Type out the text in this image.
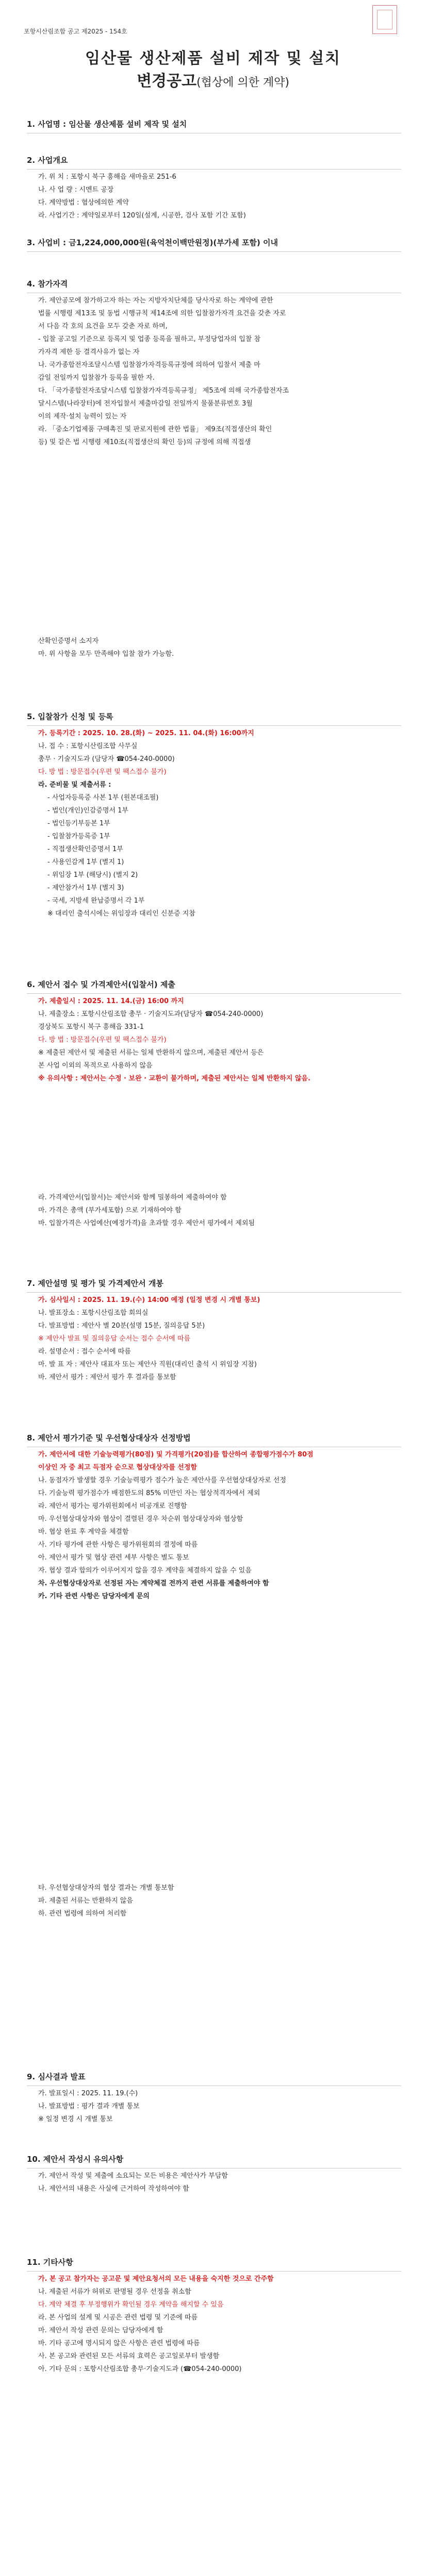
포항시산림조합 공고 제2025 - 154호
임산물 생산제품 설비 제작 및 설치
변경공고(협상에 의한 계약)
1. 사업명 : 임산물 생산제품 설비 제작 및 설치
2. 사업개요
가. 위 치 : 포항시 북구 흥해읍 새마을로 251-6
나. 사 업 량 : 시멘트 공장
다. 계약방법 : 협상에의한 계약
라. 사업기간 : 계약일로부터 120일(설계, 시공한, 검사 포함 기간 포함)
3. 사업비 : 금1,224,000,000원(육억천이백만원정)(부가세 포함) 이내
4. 참가자격
가. 제안공모에 참가하고자 하는 자는 지방자치단체를 당사자로 하는 계약에 관한
법률 시행령 제13조 및 동법 시행규칙 제14조에 의한 입찰참가자격 요건을 갖춘 자로
서 다음 각 호의 요건을 모두 갖춘 자로 하며,
- 입찰 공고일 기준으로 등록지 및 업종 등록을 필하고, 부정당업자의 입찰 참
가자격 제한 등 결격사유가 없는 자
나. 국가종합전자조달시스템 입찰참가자격등록규정에 의하여 입찰서 제출 마
감일 전일까지 입찰참가 등록을 필한 자.
다. 「국가종합전자조달시스템 입찰참가자격등록규정」 제5조에 의해 국가종합전자조
달시스템(나라장터)에 전자입찰서 제출마감일 전일까지 물품분류번호 3월
이의 제작·설치 능력이 있는 자
라. 「중소기업제품 구매촉진 및 판로지원에 관한 법률」 제9조(직접생산의 확인
등) 및 같은 법 시행령 제10조(직접생산의 확인 등)의 규정에 의해 직접생
산확인증명서 소지자
마. 위 사항을 모두 만족해야 입찰 참가 가능함.
5. 입찰참가 신청 및 등록
가. 등록기간 : 2025. 10. 28.(화) ~ 2025. 11. 04.(화) 16:00까지
나. 접 수 : 포항시산림조합 사무실
총무 · 기술지도과 (담당자 ☎054-240-0000)
다. 방 법 : 방문접수(우편 및 팩스접수 불가)
라. 준비물 및 제출서류 :
- 사업자등록증 사본 1부 (원본대조필)
- 법인(개인)인감증명서 1부
- 법인등기부등본 1부
- 입찰참가등록증 1부
- 직접생산확인증명서 1부
- 사용인감계 1부 (별지 1)
- 위임장 1부 (해당시) (별지 2)
- 제안참가서 1부 (별지 3)
- 국세, 지방세 완납증명서 각 1부
※ 대리인 출석시에는 위임장과 대리인 신분증 지참
6. 제안서 접수 및 가격제안서(입찰서) 제출
가. 제출일시 : 2025. 11. 14.(금) 16:00 까지
나. 제출장소 : 포항시산림조합 총무 · 기술지도과(담당자 ☎054-240-0000)
경상북도 포항시 북구 흥해읍 331-1
다. 방 법 : 방문접수(우편 및 팩스접수 불가)
※ 제출된 제안서 및 제출된 서류는 일체 반환하지 않으며, 제출된 제안서 등은
본 사업 이외의 목적으로 사용하지 않음
※ 유의사항 : 제안서는 수정 · 보완 · 교환이 불가하며, 제출된 제안서는 일체 반환하지 않음.
라. 가격제안서(입찰서)는 제안서와 함께 밀봉하여 제출하여야 함
마. 가격은 총액 (부가세포함) 으로 기재하여야 함
바. 입찰가격은 사업예산(예정가격)을 초과할 경우 제안서 평가에서 제외됨
7. 제안설명 및 평가 및 가격제안서 개봉
가. 심사일시 : 2025. 11. 19.(수) 14:00 예정 (일정 변경 시 개별 통보)
나. 발표장소 : 포항시산림조합 회의실
다. 발표방법 : 제안사 별 20분(설명 15분, 질의응답 5분)
※ 제안사 발표 및 질의응답 순서는 접수 순서에 따름
라. 설명순서 : 접수 순서에 따름
마. 발 표 자 : 제안사 대표자 또는 제안사 직원(대리인 출석 시 위임장 지참)
바. 제안서 평가 : 제안서 평가 후 결과를 통보함
8. 제안서 평가기준 및 우선협상대상자 선정방법
가. 제안서에 대한 기술능력평가(80점) 및 가격평가(20점)를 합산하여 종합평가점수가 80점
이상인 자 중 최고 득점자 순으로 협상대상자를 선정함
나. 동점자가 발생할 경우 기술능력평가 점수가 높은 제안사를 우선협상대상자로 선정
다. 기술능력 평가점수가 배점한도의 85% 미만인 자는 협상적격자에서 제외
라. 제안서 평가는 평가위원회에서 비공개로 진행함
마. 우선협상대상자와 협상이 결렬된 경우 차순위 협상대상자와 협상함
바. 협상 완료 후 계약을 체결함
사. 기타 평가에 관한 사항은 평가위원회의 결정에 따름
아. 제안서 평가 및 협상 관련 세부 사항은 별도 통보
자. 협상 결과 합의가 이루어지지 않을 경우 계약을 체결하지 않을 수 있음
차. 우선협상대상자로 선정된 자는 계약체결 전까지 관련 서류를 제출하여야 함
카. 기타 관련 사항은 담당자에게 문의
타. 우선협상대상자의 협상 결과는 개별 통보함
파. 제출된 서류는 반환하지 않음
하. 관련 법령에 의하여 처리함
9. 심사결과 발표
가. 발표일시 : 2025. 11. 19.(수)
나. 발표방법 : 평가 결과 개별 통보
※ 일정 변경 시 개별 통보
10. 제안서 작성시 유의사항
가. 제안서 작성 및 제출에 소요되는 모든 비용은 제안사가 부담함
나. 제안서의 내용은 사실에 근거하여 작성하여야 함
11. 기타사항
가. 본 공고 참가자는 공고문 및 제안요청서의 모든 내용을 숙지한 것으로 간주함
나. 제출된 서류가 허위로 판명될 경우 선정을 취소함
다. 계약 체결 후 부정행위가 확인될 경우 계약을 해지할 수 있음
라. 본 사업의 설계 및 시공은 관련 법령 및 기준에 따름
마. 제안서 작성 관련 문의는 담당자에게 함
바. 기타 공고에 명시되지 않은 사항은 관련 법령에 따름
사. 본 공고와 관련된 모든 서류의 효력은 공고일로부터 발생함
아. 기타 문의 : 포항시산림조합 총무·기술지도과 (☎054-240-0000)
